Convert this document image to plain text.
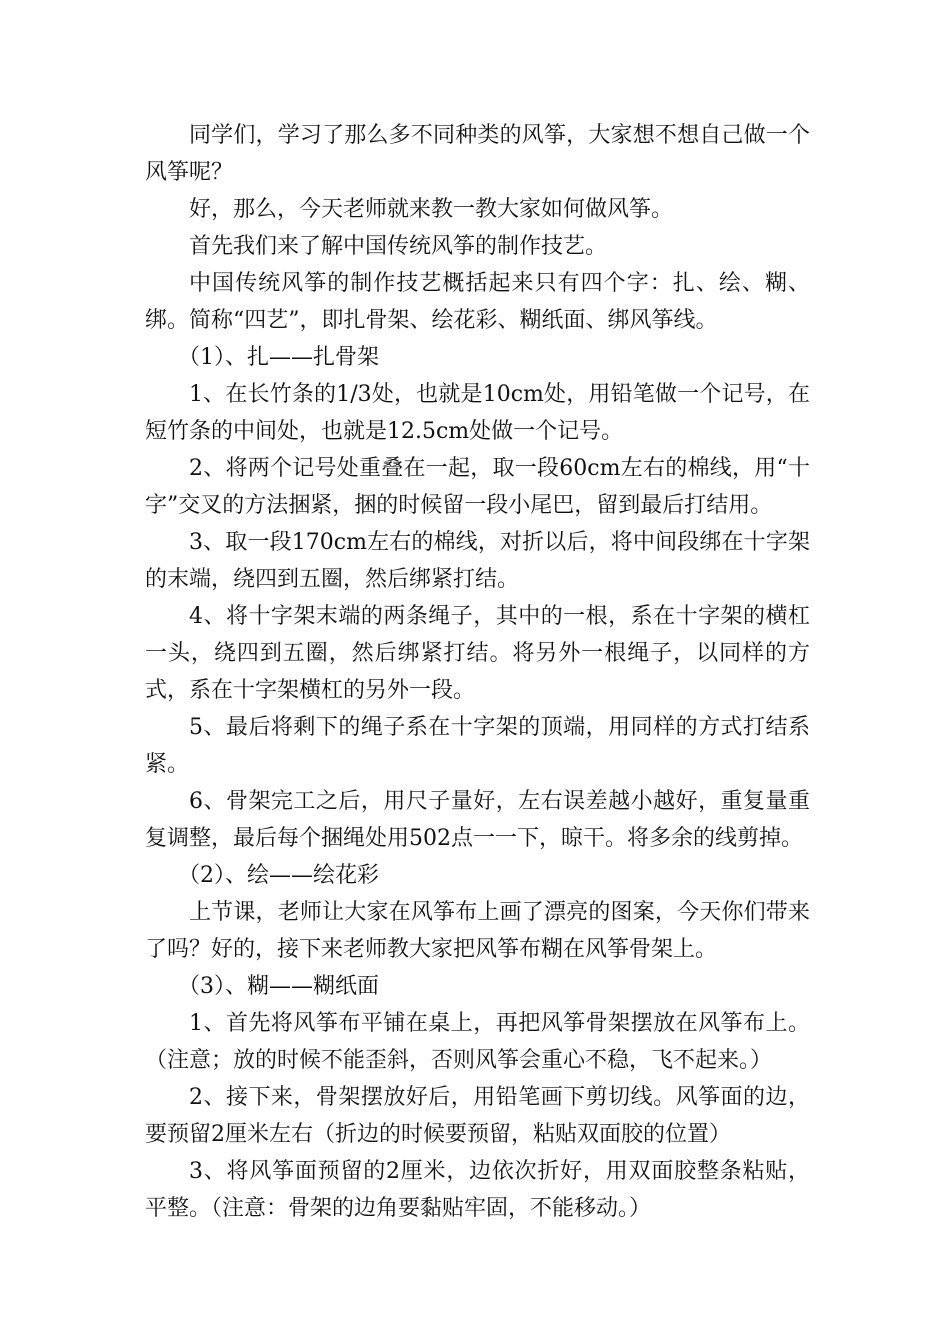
同学们，学习了那么多不同种类的风筝，大家想不想自己做一个风筝呢？

好，那么，今天老师就来教一教大家如何做风筝。

首先我们来了解中国传统风筝的制作技艺。

中国传统风筝的制作技艺概括起来只有四个字：扎、绘、糊、绑。简称“四艺”，即扎骨架、绘花彩、糊纸面、绑风筝线。

（1）、扎——扎骨架

1、在长竹条的1/3处，也就是10cm处，用铅笔做一个记号，在短竹条的中间处，也就是12.5cm处做一个记号。

2、将两个记号处重叠在一起，取一段60cm左右的棉线，用“十字”交叉的方法捆紧，捆的时候留一段小尾巴，留到最后打结用。

3、取一段170cm左右的棉线，对折以后，将中间段绑在十字架的末端，绕四到五圈，然后绑紧打结。

4、将十字架末端的两条绳子，其中的一根，系在十字架的横杠一头，绕四到五圈，然后绑紧打结。将另外一根绳子，以同样的方式，系在十字架横杠的另外一段。

5、最后将剩下的绳子系在十字架的顶端，用同样的方式打结系紧。

6、骨架完工之后，用尺子量好，左右误差越小越好，重复量重复调整，最后每个捆绳处用502点一一下，晾干。将多余的线剪掉。

（2）、绘——绘花彩

上节课，老师让大家在风筝布上画了漂亮的图案，今天你们带来了吗？好的，接下来老师教大家把风筝布糊在风筝骨架上。

（3）、糊——糊纸面

1、首先将风筝布平铺在桌上，再把风筝骨架摆放在风筝布上。（注意；放的时候不能歪斜，否则风筝会重心不稳，飞不起来。）

2、接下来，骨架摆放好后，用铅笔画下剪切线。风筝面的边，要预留2厘米左右（折边的时候要预留，粘贴双面胶的位置）

3、将风筝面预留的2厘米，边依次折好，用双面胶整条粘贴，平整。（注意：骨架的边角要黏贴牢固，不能移动。）
